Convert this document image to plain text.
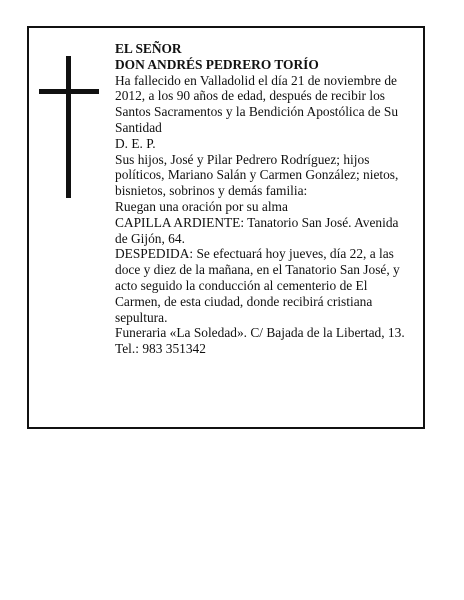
EL SEÑOR

DON ANDRÉS PEDRERO TORÍO

Ha fallecido en Valladolid el día 21 de noviembre de 2012, a los 90 años de edad, después de recibir los Santos Sacramentos y la Bendición Apostólica de Su Santidad

D. E. P.

Sus hijos, José y Pilar Pedrero Rodríguez; hijos políticos, Mariano Salán y Carmen González; nietos, bisnietos, sobrinos y demás familia:

Ruegan una oración por su alma

CAPILLA ARDIENTE: Tanatorio San José. Avenida de Gijón, 64.

DESPEDIDA: Se efectuará hoy jueves, día 22, a las doce y diez de la mañana, en el Tanatorio San José, y acto seguido la conducción al cementerio de El Carmen, de esta ciudad, donde recibirá cristiana sepultura.

Funeraria «La Soledad». C/ Bajada de la Libertad, 13. Tel.: 983 351342
